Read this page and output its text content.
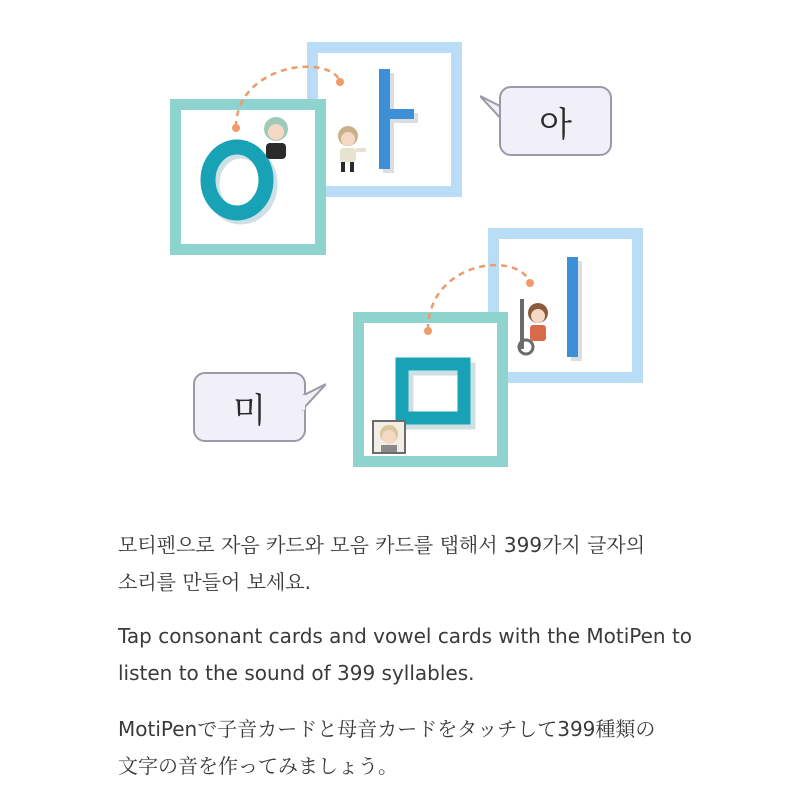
아
미

모티펜으로 자음 카드와 모음 카드를 탭해서 399가지 글자의
소리를 만들어 보세요.

Tap consonant cards and vowel cards with the MotiPen to
listen to the sound of 399 syllables.

MotiPenで子音カードと母音カードをタッチして399種類の
文字の音を作ってみましょう。
